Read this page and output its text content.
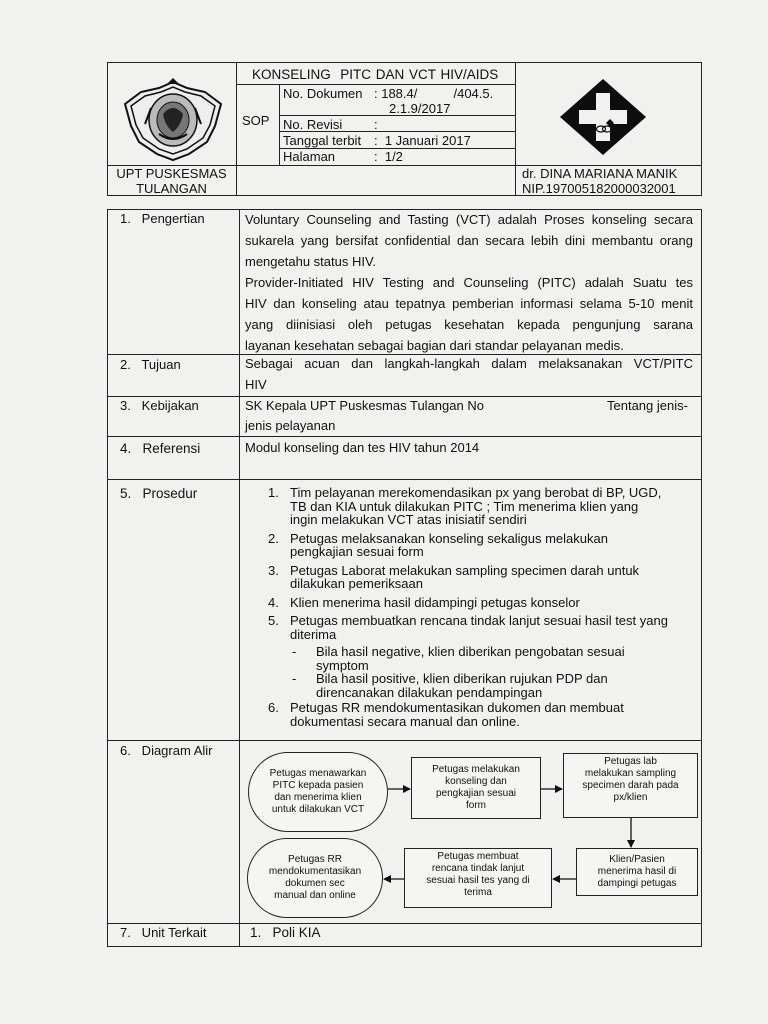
KONSELING  PITC DAN VCT HIV/AIDS
SOP
No. Dokumen : 188.4/          /404.5.
2.1.9/2017
No. Revisi :
Tanggal terbit :  1 Januari 2017
Halaman	:  1/2
UPT PUSKESMAS
TULANGAN
dr. DINA MARIANA MANIK
NIP.197005182000032001
1.   Pengertian
2.   Tujuan
3.   Kebijakan
4.   Referensi
5.   Prosedur
6.   Diagram Alir
7.   Unit Terkait
Voluntary Counseling and Tasting (VCT) adalah Proses konseling secara
sukarela yang bersifat confidential dan secara lebih dini membantu orang
mengetahu status HIV.
Provider-Initiated HIV Testing and Counseling (PITC) adalah Suatu tes
HIV dan konseling atau tepatnya pemberian informasi selama 5-10 menit
yang diinisiasi oleh petugas kesehatan kepada pengunjung sarana
layanan kesehatan sebagai bagian dari standar pelayanan medis.
Sebagai acuan dan langkah-langkah dalam melaksanakan VCT/PITC
HIV
SK Kepala UPT Puskesmas Tulangan No	Tentang jenis-
jenis pelayanan
Modul konseling dan tes HIV tahun 2014
1. Tim pelayanan merekomendasikan px yang berobat di BP, UGD,
TB dan KIA untuk dilakukan PITC ; Tim menerima klien yang
ingin melakukan VCT atas inisiatif sendiri
2. Petugas melaksanakan konseling sekaligus melakukan
pengkajian sesuai form
3. Petugas Laborat melakukan sampling specimen darah untuk
dilakukan pemeriksaan
4. Klien menerima hasil didampingi petugas konselor
5. Petugas membuatkan rencana tindak lanjut sesuai hasil test yang
diterima
- Bila hasil negative, klien diberikan pengobatan sesuai
symptom
- Bila hasil positive, klien diberikan rujukan PDP dan
direncanakan dilakukan pendampingan
6. Petugas RR mendokumentasikan dukomen dan membuat
dokumentasi secara manual dan online.
Petugas menawarkan
PITC kepada pasien
dan menerima klien
untuk dilakukan VCT
Petugas melakukan
konseling dan
pengkajian sesuai
form
Petugas lab
melakukan sampling
specimen darah pada
px/klien
Klien/Pasien
menerima hasil di
dampingi petugas
Petugas membuat
rencana tindak lanjut
sesuai hasil tes yang di
terima
Petugas RR
mendokumentasikan
dokumen sec
manual dan online
1.   Poli KIA
